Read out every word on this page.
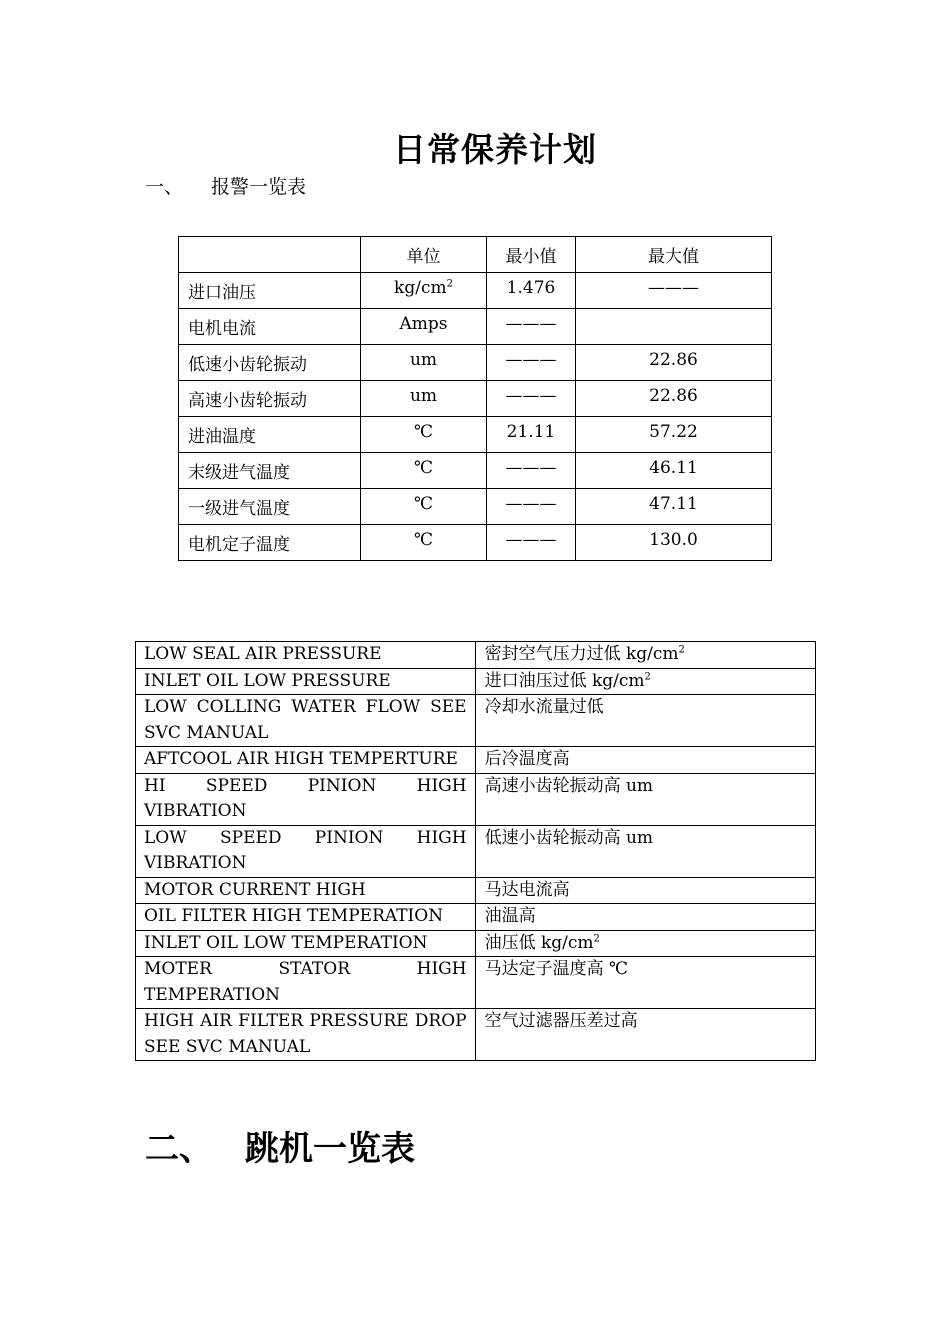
日常保养计划
一、 报警一览表
	单位	最小值	最大值
进口油压	$kg/cm^2$	1.476	———
电机电流	Amps	———	
低速小齿轮振动	um	———	22.86
高速小齿轮振动	um	———	22.86
进油温度	℃	21.11	57.22
末级进气温度	℃	———	46.11
一级进气温度	℃	———	47.11
电机定子温度	℃	———	130.0
LOW SEAL AIR PRESSURE	密封空气压力过低 $kg/cm^2$
INLET OIL LOW PRESSURE	进口油压过低 $kg/cm^2$
LOW COLLING WATER FLOW SEE SVC MANUAL	冷却水流量过低
AFTCOOL AIR HIGH TEMPERTURE	后冷温度高
HI SPEED PINION HIGH VIBRATION	高速小齿轮振动高 um
LOW SPEED PINION HIGH VIBRATION	低速小齿轮振动高 um
MOTOR CURRENT HIGH	马达电流高
OIL FILTER HIGH TEMPERATION	油温高
INLET OIL LOW TEMPERATION	油压低 $kg/cm^2$
MOTER STATOR HIGH TEMPERATION	马达定子温度高 ℃
HIGH AIR FILTER PRESSURE DROP SEE SVC MANUAL	空气过滤器压差过高
二、 跳机一览表
